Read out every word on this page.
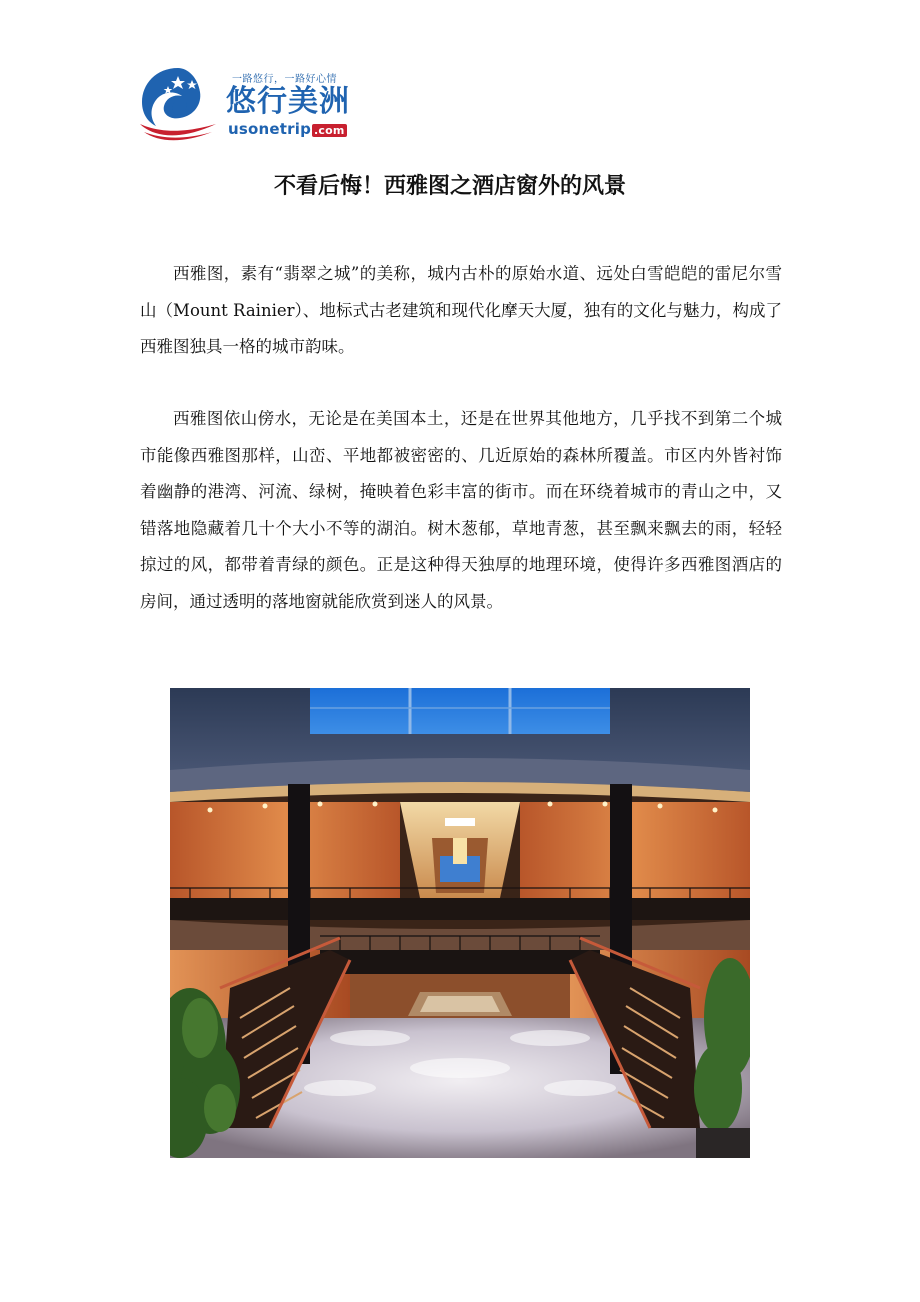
一路悠行，一路好心情
悠行美洲
usonetrip .com
不看后悔！西雅图之酒店窗外的风景

西雅图，素有“翡翠之城”的美称，城内古朴的原始水道、远处白雪皑皑的雷尼尔雪山（Mount Rainier）、地标式古老建筑和现代化摩天大厦，独有的文化与魅力，构成了西雅图独具一格的城市韵味。

西雅图依山傍水，无论是在美国本土，还是在世界其他地方，几乎找不到第二个城市能像西雅图那样，山峦、平地都被密密的、几近原始的森林所覆盖。市区内外皆衬饰着幽静的港湾、河流、绿树，掩映着色彩丰富的街市。而在环绕着城市的青山之中，又错落地隐藏着几十个大小不等的湖泊。树木葱郁，草地青葱，甚至飘来飘去的雨，轻轻掠过的风，都带着青绿的颜色。正是这种得天独厚的地理环境，使得许多西雅图酒店的房间，通过透明的落地窗就能欣赏到迷人的风景。
